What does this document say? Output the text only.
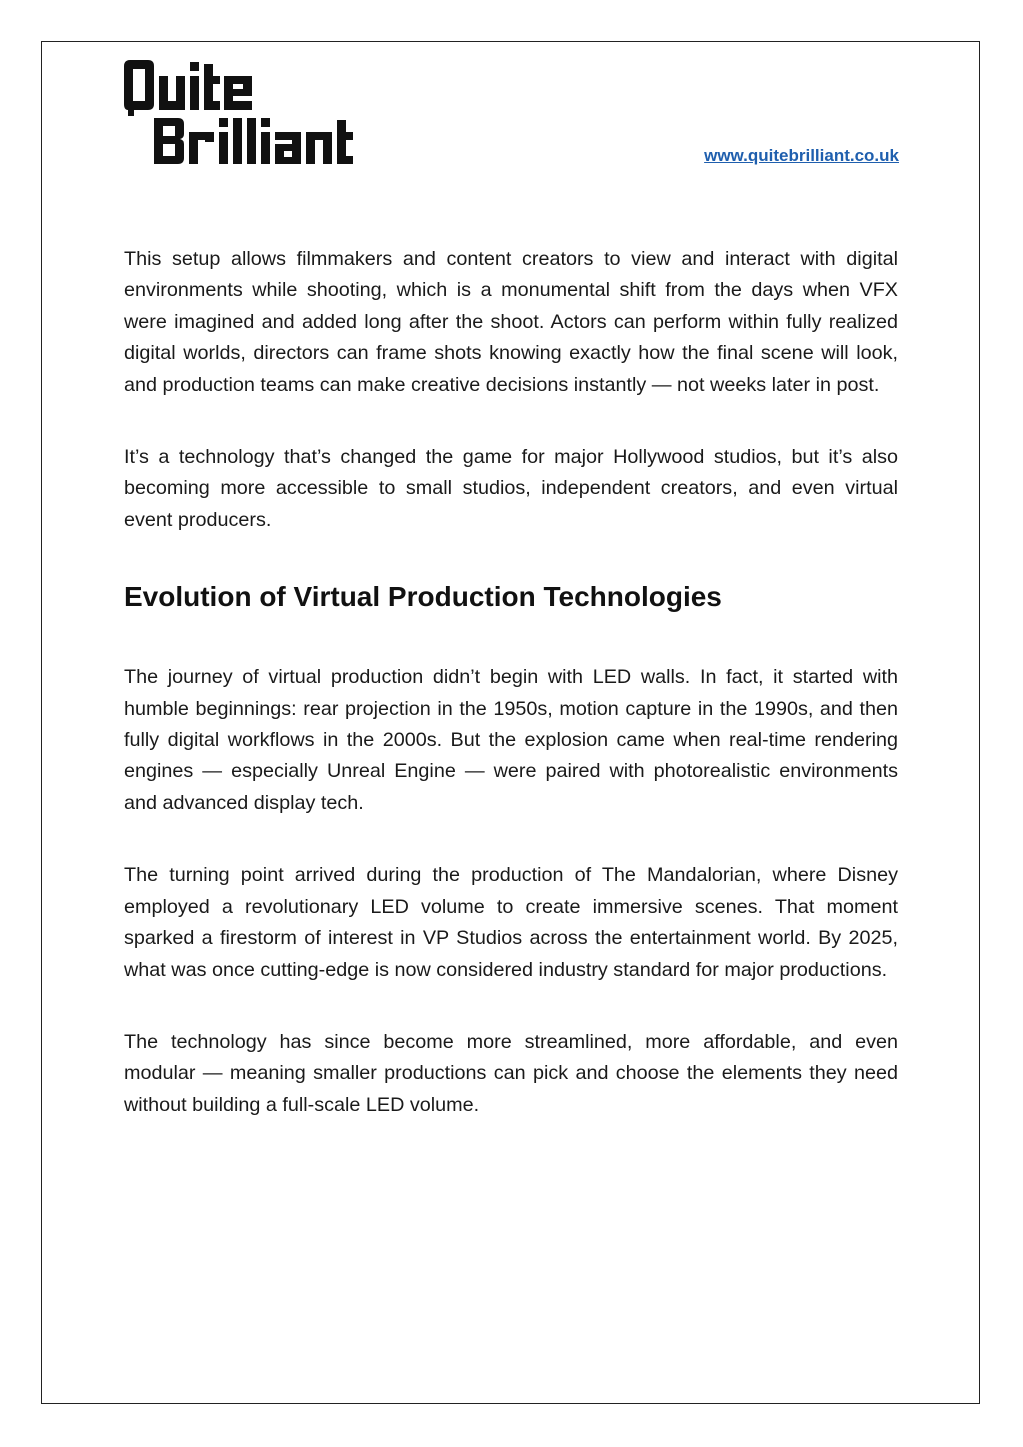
www.quitebrilliant.co.uk

This setup allows filmmakers and content creators to view and interact with digital environments while shooting, which is a monumental shift from the days when VFX were imagined and added long after the shoot. Actors can perform within fully realized digital worlds, directors can frame shots knowing exactly how the final scene will look, and production teams can make creative decisions instantly — not weeks later in post.

It’s a technology that’s changed the game for major Hollywood studios, but it’s also becoming more accessible to small studios, independent creators, and even virtual event producers.

Evolution of Virtual Production Technologies

The journey of virtual production didn’t begin with LED walls. In fact, it started with humble beginnings: rear projection in the 1950s, motion capture in the 1990s, and then fully digital workflows in the 2000s. But the explosion came when real-time rendering engines — especially Unreal Engine — were paired with photorealistic environments and advanced display tech.

The turning point arrived during the production of The Mandalorian, where Disney employed a revolutionary LED volume to create immersive scenes. That moment sparked a firestorm of interest in VP Studios across the entertainment world. By 2025, what was once cutting-edge is now considered industry standard for major productions.

The technology has since become more streamlined, more affordable, and even modular — meaning smaller productions can pick and choose the elements they need without building a full-scale LED volume.
